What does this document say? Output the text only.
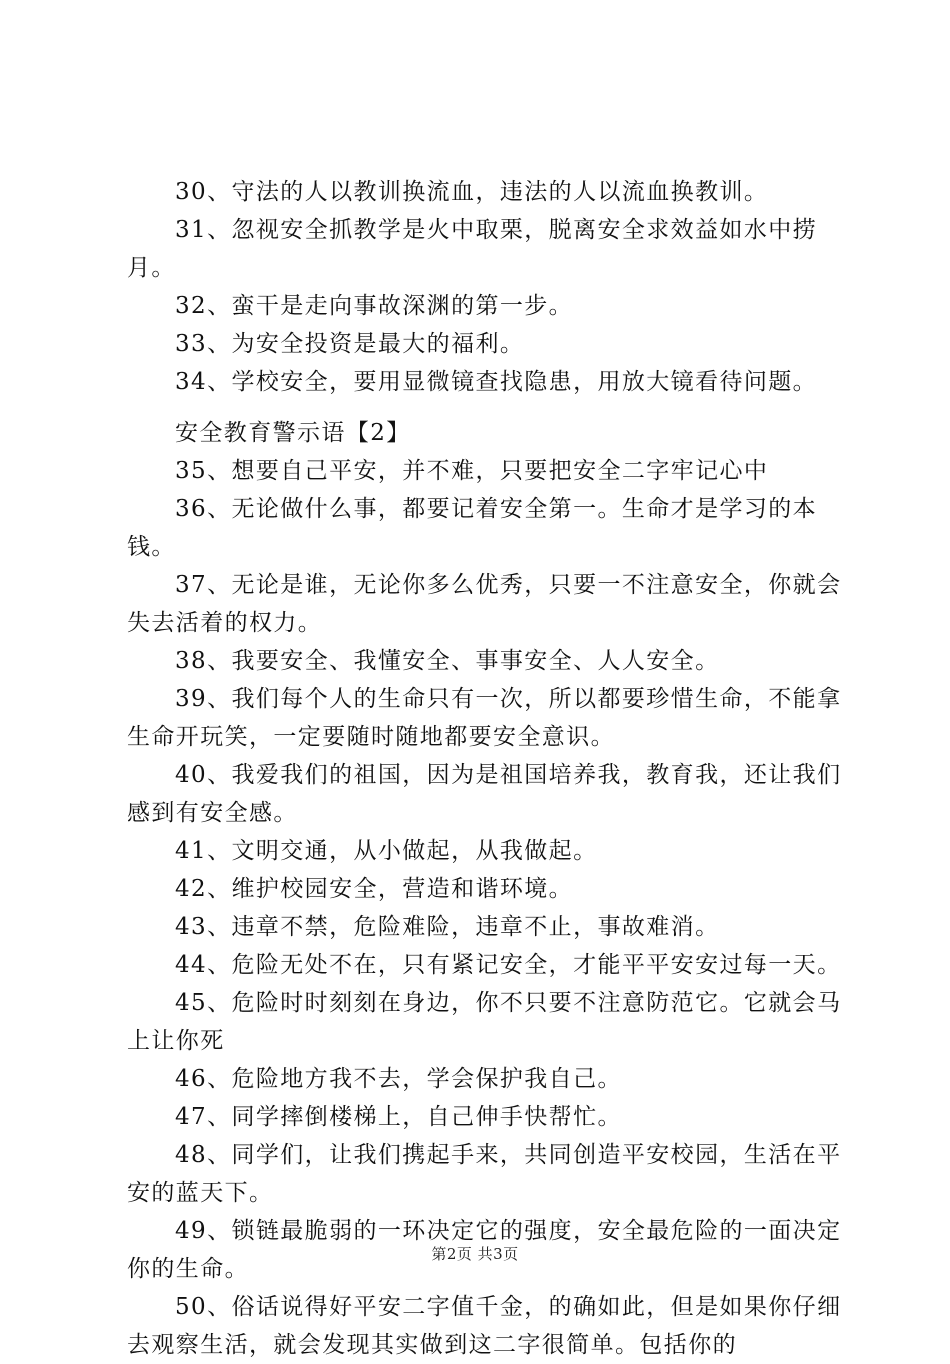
30、守法的人以教训换流血，违法的人以流血换教训。

31、忽视安全抓教学是火中取栗，脱离安全求效益如水中捞月。

32、蛮干是走向事故深渊的第一步。

33、为安全投资是最大的福利。

34、学校安全，要用显微镜查找隐患，用放大镜看待问题。

安全教育警示语【2】

35、想要自己平安，并不难，只要把安全二字牢记心中

36、无论做什么事，都要记着安全第一。生命才是学习的本钱。

37、无论是谁，无论你多么优秀，只要一不注意安全，你就会失去活着的权力。

38、我要安全、我懂安全、事事安全、人人安全。

39、我们每个人的生命只有一次，所以都要珍惜生命，不能拿生命开玩笑，一定要随时随地都要安全意识。

40、我爱我们的祖国，因为是祖国培养我，教育我，还让我们感到有安全感。

41、文明交通，从小做起，从我做起。

42、维护校园安全，营造和谐环境。

43、违章不禁，危险难险，违章不止，事故难消。

44、危险无处不在，只有紧记安全，才能平平安安过每一天。

45、危险时时刻刻在身边，你不只要不注意防范它。它就会马上让你死

46、危险地方我不去，学会保护我自己。

47、同学摔倒楼梯上，自己伸手快帮忙。

48、同学们，让我们携起手来，共同创造平安校园，生活在平安的蓝天下。

49、锁链最脆弱的一环决定它的强度，安全最危险的一面决定你的生命。

50、俗话说得好平安二字值千金，的确如此，但是如果你仔细去观察生活，就会发现其实做到这二字很简单。包括你的

第2页 共3页
